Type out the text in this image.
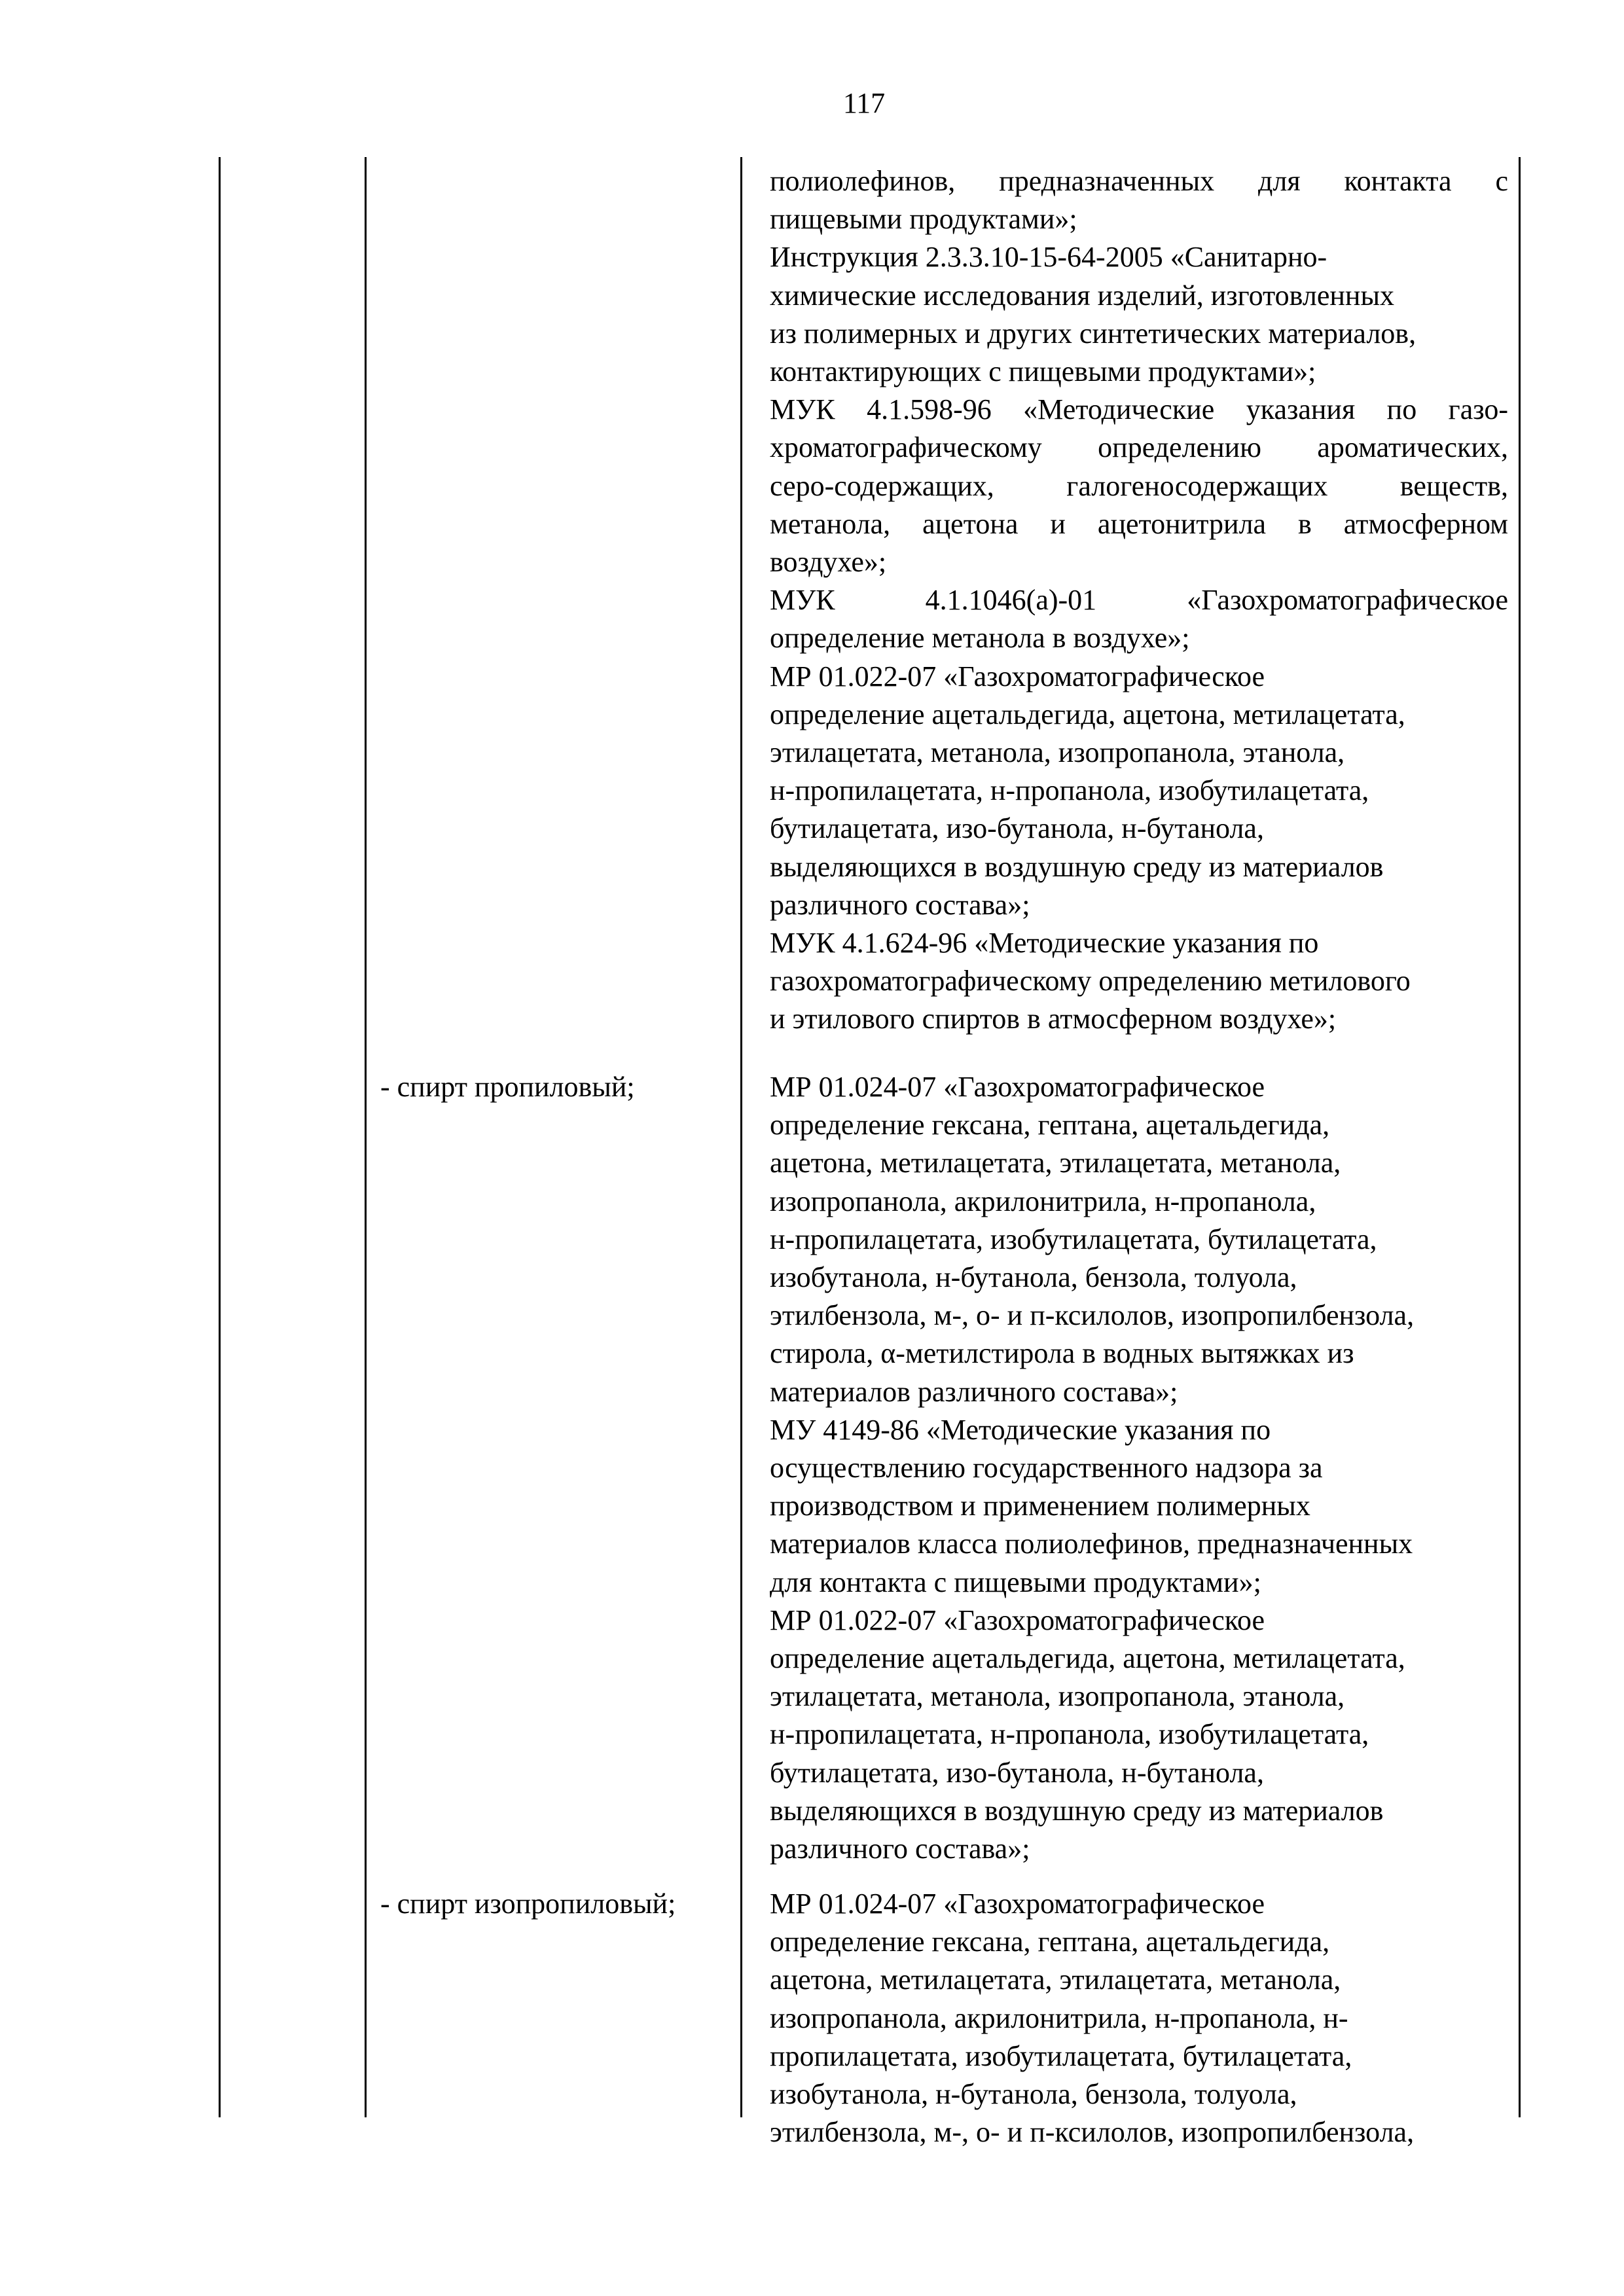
117
полиолефинов, предназначенных для контакта с
пищевыми продуктами»;
Инструкция 2.3.3.10-15-64-2005 «Санитарно-
химические исследования изделий, изготовленных
из полимерных и других синтетических материалов,
контактирующих с пищевыми продуктами»;
МУК 4.1.598-96 «Методические указания по газо-
хроматографическому определению ароматических,
серо-содержащих, галогеносодержащих веществ,
метанола, ацетона и ацетонитрила в атмосферном
воздухе»;
МУК 4.1.1046(а)-01 «Газохроматографическое
определение метанола в воздухе»;
МР 01.022-07 «Газохроматографическое
определение ацетальдегида, ацетона, метилацетата,
этилацетата, метанола, изопропанола, этанола,
н-пропилацетата, н-пропанола, изобутилацетата,
бутилацетата, изо-бутанола, н-бутанола,
выделяющихся в воздушную среду из материалов
различного состава»;
МУК 4.1.624-96 «Методические указания по
газохроматографическому определению метилового
и этилового спиртов в атмосферном воздухе»;
- спирт пропиловый;	МР 01.024-07 «Газохроматографическое
определение гексана, гептана, ацетальдегида,
ацетона, метилацетата, этилацетата, метанола,
изопропанола, акрилонитрила, н-пропанола,
н-пропилацетата, изобутилацетата, бутилацетата,
изобутанола, н-бутанола, бензола, толуола,
этилбензола, м-, о- и п-ксилолов, изопропилбензола,
стирола, α-метилстирола в водных вытяжках из
материалов различного состава»;
МУ 4149-86 «Методические указания по
осуществлению государственного надзора за
производством и применением полимерных
материалов класса полиолефинов, предназначенных
для контакта с пищевыми продуктами»;
МР 01.022-07 «Газохроматографическое
определение ацетальдегида, ацетона, метилацетата,
этилацетата, метанола, изопропанола, этанола,
н-пропилацетата, н-пропанола, изобутилацетата,
бутилацетата, изо-бутанола, н-бутанола,
выделяющихся в воздушную среду из материалов
различного состава»;
- спирт изопропиловый;	МР 01.024-07 «Газохроматографическое
определение гексана, гептана, ацетальдегида,
ацетона, метилацетата, этилацетата, метанола,
изопропанола, акрилонитрила, н-пропанола, н-
пропилацетата, изобутилацетата, бутилацетата,
изобутанола, н-бутанола, бензола, толуола,
этилбензола, м-, о- и п-ксилолов, изопропилбензола,
